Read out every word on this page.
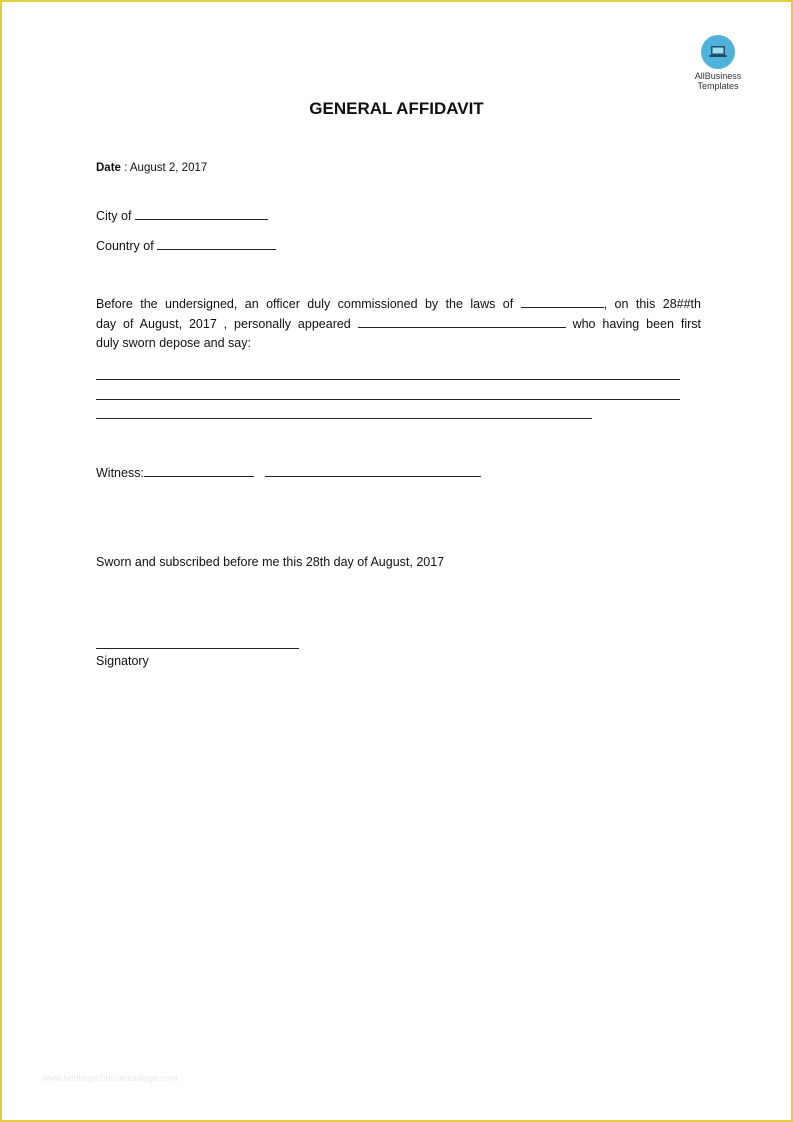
AllBusiness
Templates
GENERAL AFFIDAVIT
Date : August 2, 2017
City of
Country of
Before the undersigned, an officer duly commissioned by the laws of	, on this 28##th
day of August, 2017 , personally appeared	who having been first
duly sworn depose and say:
Witness:
Sworn and subscribed before me this 28th day of August, 2017
Signatory
www.heritagechristiancollege.com
